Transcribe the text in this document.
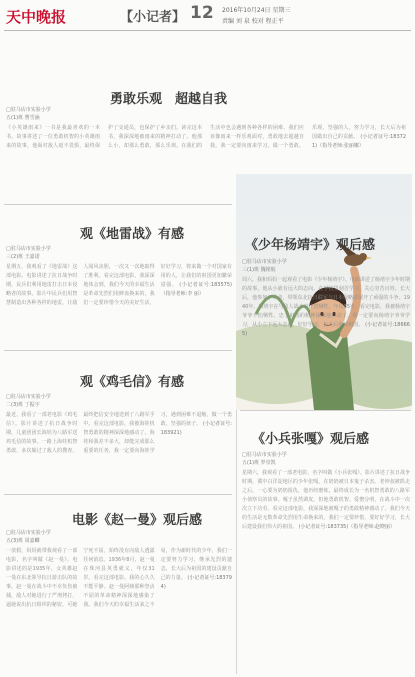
天中晚报	【小记者】 12 2016年10月24日 星期三
责编 刘 泉 校对 程正平
勇敢乐观　超越自我
□驻马店市实验小学
五(1)班 曹雪涵
《小英雄雨来》一书是我最喜欢的一本书。故事讲述了一位勇敢机智的小英雄雨来的故事，他面对敌人毫不畏惧，最终保护了交通员，也保护了乡亲们。读完这本书，我深深地被雨来的精神打动了。他那么小，却那么勇敢，那么乐观。在我们的生活中也会遇到各种各样的困难，我们应该像雨来一样乐观面对，勇敢地去超越自我。我一定要向雨来学习，做一个勇敢、乐观、坚强的人，努力学习，长大后为祖国做出自己的贡献。 (小记者证号:183721)（指导老师:张丽娜）
观《地雷战》有感
□驻马店市实验小学
三(2)班 王嘉诺
星期五，我观看了《地雷战》这部电影。电影讲述了抗日战争时期，民兵们利用地雷打击日本侵略者的故事。影片中民兵们用智慧制造出各种各样的地雷，让敌人闻风丧胆，一次又一次地取得了胜利。看完这部电影，我深深地体会到，我们今天的幸福生活是革命先烈们用鲜血换来的，我们一定要珍惜今天的美好生活，好好学习，将来做一个对国家有用的人，让我们的祖国更加繁荣富强。 (小记者证号:183575)（指导老师:李 丽）
观《鸡毛信》有感
□驻马店市实验小学
二(3)班 丁振宇
最近，我看了一部老电影《鸡毛信》。影片讲述了抗日战争时期，儿童团团长海娃为八路军送鸡毛信的故事。一路上海娃机智勇敢，多次躲过了敌人的搜查，最终把信安全地送到了八路军手中。看完这部电影，我被海娃机智勇敢的精神深深地感动了。海娃和我差不多大，却能完成那么重要的任务，我一定要向海娃学习，遇到困难不退缩，做一个勇敢、坚强的孩子。 (小记者证号:183921)
电影《赵一曼》观后感
□驻马店市实验小学
五(3)班 周嘉麟
一放假，妈妈就带我观看了一部电影，名字叫做《赵一曼》。电影讲述的是1935年，女英雄赵一曼在东北领导抗日游击队的故事。赵一曼在战斗中不幸负伤被捕，敌人对她进行了严刑拷打，逼她说出抗日组织的秘密，可她宁死不屈，始终没有向敌人透露任何消息。1936年8月，赵一曼在珠河县英勇就义，年仅31岁。看完这部电影，我的心久久不能平静。赵一曼阿姨那种坚贞不屈的革命精神深深地感染了我。我们今天的幸福生活来之不易，作为新时代的少年，我们一定要努力学习，继承先烈的遗志，长大后为祖国的建设贡献自己的力量。 (小记者证号:183794)
《少年杨靖宇》观后感
□驻马店市实验小学
三(1)班 魏铭航
周六，我和妈妈一起观看了电影《少年杨靖宇》。电影讲述了杨靖宇少年时期的故事。他从小就有远大的志向，在学校里刻苦学习，关心穷苦百姓。长大后，他参加了革命，带领东北抗日联军与日本侵略者展开了顽强的斗争。1940年，杨靖宇在与敌人战斗中壮烈牺牲，年仅35岁。看完电影，我被杨靖宇爷爷不怕牺牲、忠于祖国的精神深深地打动了。我一定要向杨靖宇爷爷学习，从小立下远大志向，好好学习，长大后报效祖国。 (小记者证号:186665)
《小兵张嘎》观后感
□驻马店市实验小学
五(1)班 罗崇凯
星期六，我观看了一部老电影，名字叫做《小兵张嘎》。影片讲述了抗日战争时期，冀中白洋淀地区的少年张嘎，在奶奶被日本鬼子杀害、老钟叔被抓走之后，一心要为奶奶报仇，他历经磨炼，最终成长为一名机智勇敢的八路军小侦察员的故事。嘎子虽然调皮，但他勇敢机智、爱憎分明，在战斗中一次次立下功劳。看完这部电影，我深深地被嘎子的勇敢精神感动了。我们今天的生活是无数革命先烈用生命换来的，我们一定要珍惜，要好好学习，长大后建设我们伟大的祖国。 (小记者证号:183735)（指导老师:赵晓丽）
